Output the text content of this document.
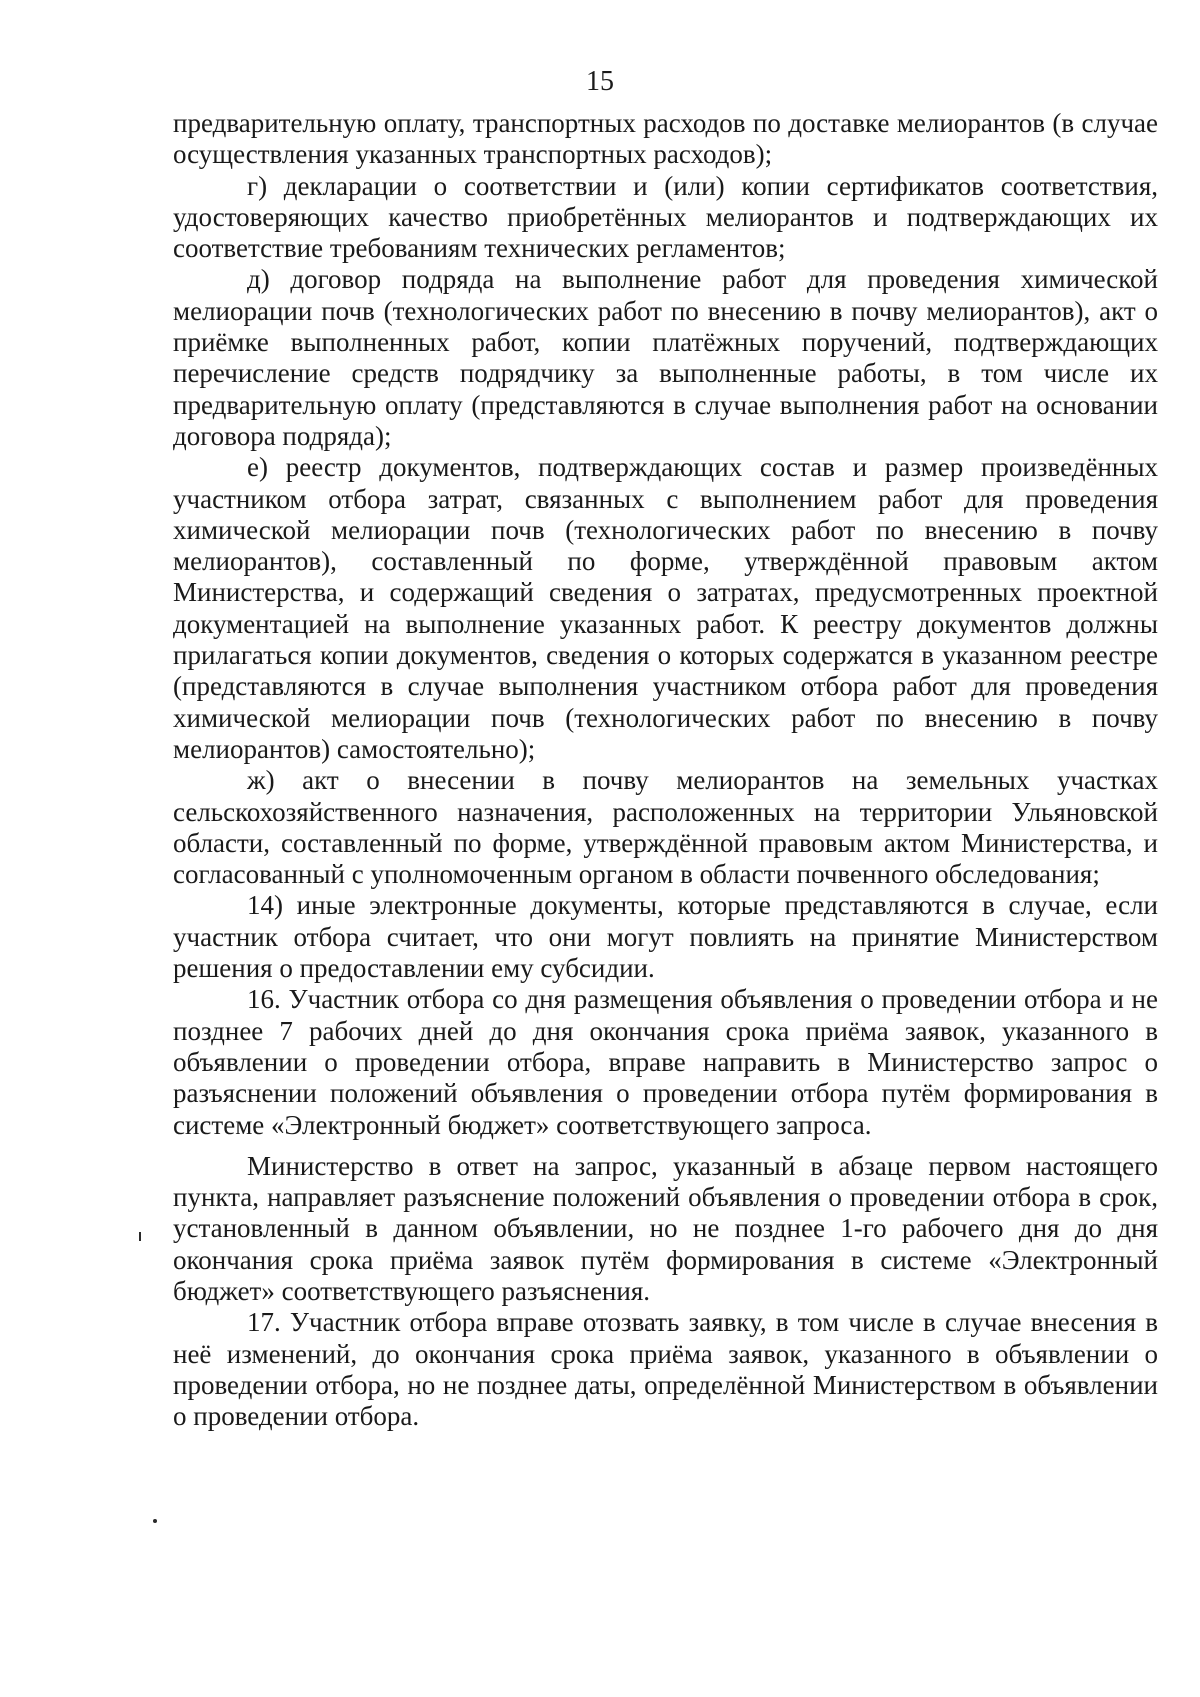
15

предварительную оплату, транспортных расходов по доставке мелиорантов (в случае осуществления указанных транспортных расходов);

г) декларации о соответствии и (или) копии сертификатов соответствия, удостоверяющих качество приобретённых мелиорантов и подтверждающих их соответствие требованиям технических регламентов;

д) договор подряда на выполнение работ для проведения химической мелиорации почв (технологических работ по внесению в почву мелиорантов), акт о приёмке выполненных работ, копии платёжных поручений, подтверждающих перечисление средств подрядчику за выполненные работы, в том числе их предварительную оплату (представляются в случае выполнения работ на основании договора подряда);

е) реестр документов, подтверждающих состав и размер произведённых участником отбора затрат, связанных с выполнением работ для проведения химической мелиорации почв (технологических работ по внесению в почву мелиорантов), составленный по форме, утверждённой правовым актом Министерства, и содержащий сведения о затратах, предусмотренных проектной документацией на выполнение указанных работ. К реестру документов должны прилагаться копии документов, сведения о которых содержатся в указанном реестре (представляются в случае выполнения участником отбора работ для проведения химической мелиорации почв (технологических работ по внесению в почву мелиорантов) самостоятельно);

ж) акт о внесении в почву мелиорантов на земельных участках сельскохозяйственного назначения, расположенных на территории Ульяновской области, составленный по форме, утверждённой правовым актом Министерства, и согласованный с уполномоченным органом в области почвенного обследования;

14) иные электронные документы, которые представляются в случае, если участник отбора считает, что они могут повлиять на принятие Министерством решения о предоставлении ему субсидии.

16. Участник отбора со дня размещения объявления о проведении отбора и не позднее 7 рабочих дней до дня окончания срока приёма заявок, указанного в объявлении о проведении отбора, вправе направить в Министерство запрос о разъяснении положений объявления о проведении отбора путём формирования в системе «Электронный бюджет» соответствующего запроса.

Министерство в ответ на запрос, указанный в абзаце первом настоящего пункта, направляет разъяснение положений объявления о проведении отбора в срок, установленный в данном объявлении, но не позднее 1-го рабочего дня до дня окончания срока приёма заявок путём формирования в системе «Электронный бюджет» соответствующего разъяснения.

17. Участник отбора вправе отозвать заявку, в том числе в случае внесения в неё изменений, до окончания срока приёма заявок, указанного в объявлении о проведении отбора, но не позднее даты, определённой Министерством в объявлении о проведении отбора.
